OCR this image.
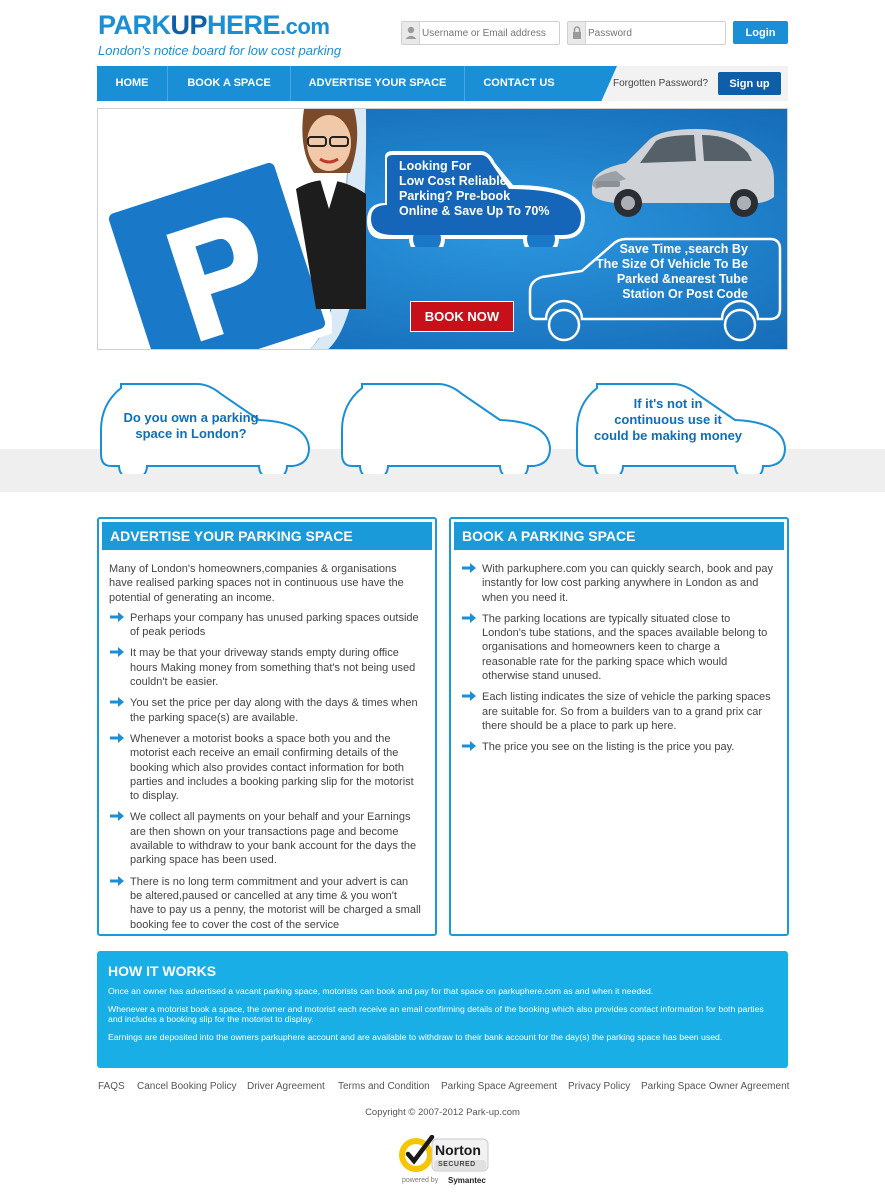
PARKUPHERE.com
London's notice board for low cost parking
Username or Email address
Login
HOME	BOOK A SPACE	ADVERTISE YOUR SPACE	CONTACT US	Forgotten Password?	Sign up
Looking For
Low Cost Reliable
Parking? Pre-book
Online & Save Up To 70%
Save Time ,search By
The Size Of Vehicle To Be
Parked &nearest Tube
Station Or Post Code
BOOK NOW
Do you own a parking
space in London?
If it's not in
continuous use it
could be making money
ADVERTISE YOUR PARKING SPACE

Many of London's homeowners,companies & organisations have realised parking spaces not in continuous use have the potential of generating an income.

Perhaps your company has unused parking spaces outside of peak periods
It may be that your driveway stands empty during office hours Making money from something that's not being used couldn't be easier.
You set the price per day along with the days & times when the parking space(s) are available.
Whenever a motorist books a space both you and the motorist each receive an email confirming details of the booking which also provides contact information for both parties and includes a booking parking slip for the motorist to display.
We collect all payments on your behalf and your Earnings are then shown on your transactions page and become available to withdraw to your bank account for the days the parking space has been used.
There is no long term commitment and your advert is can be altered,paused or cancelled at any time & you won't have to pay us a penny, the motorist will be charged a small booking fee to cover the cost of the service
BOOK A PARKING SPACE
With parkuphere.com you can quickly search, book and pay instantly for low cost parking anywhere in London as and when you need it.
The parking locations are typically situated close to London's tube stations, and the spaces available belong to organisations and homeowners keen to charge a reasonable rate for the parking space which would otherwise stand unused.
Each listing indicates the size of vehicle the parking spaces are suitable for. So from a builders van to a grand prix car there should be a place to park up here.
The price you see on the listing is the price you pay.
HOW IT WORKS

Once an owner has advertised a vacant parking space, motorists can book and pay for that space on parkuphere.com as and when it needed.

Whenever a motorist book a space, the owner and motorist each receive an email confirming details of the booking which also provides contact information for both parties and includes a booking slip for the motorist to display.

Earnings are deposited into the owners parkuphere account and are available to withdraw to their bank account for the day(s) the parking space has been used.

FAQS Cancel Booking Policy Driver Agreement Terms and Condition Parking Space Agreement Privacy Policy Parking Space Owner Agreement
Copyright © 2007-2012 Park-up.com
Norton
SECURED
powered by Symantec
